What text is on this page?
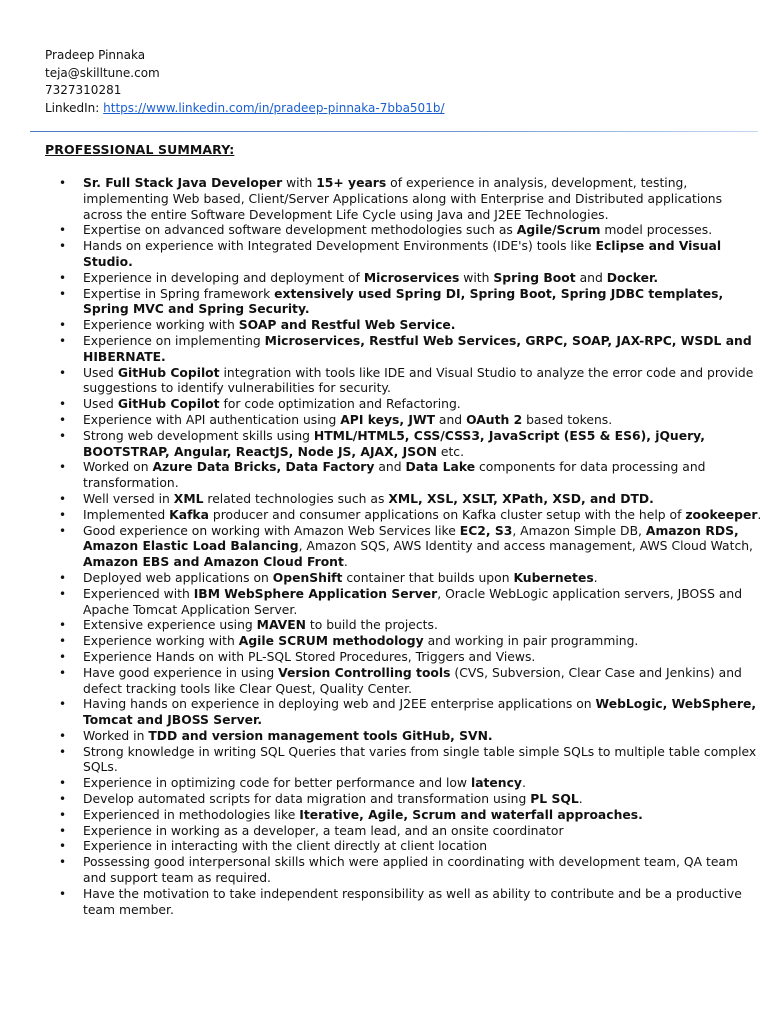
Pradeep Pinnaka
teja@skilltune.com
7327310281
LinkedIn: https://www.linkedin.com/in/pradeep-pinnaka-7bba501b/
PROFESSIONAL SUMMARY:
• Sr. Full Stack Java Developer with 15+ years of experience in analysis, development, testing, implementing Web based, Client/Server Applications along with Enterprise and Distributed applications across the entire Software Development Life Cycle using Java and J2EE Technologies.
• Expertise on advanced software development methodologies such as Agile/Scrum model processes.
• Hands on experience with Integrated Development Environments (IDE's) tools like Eclipse and Visual Studio.
• Experience in developing and deployment of Microservices with Spring Boot and Docker.
• Expertise in Spring framework extensively used Spring DI, Spring Boot, Spring JDBC templates, Spring MVC and Spring Security.
• Experience working with SOAP and Restful Web Service.
• Experience on implementing Microservices, Restful Web Services, GRPC, SOAP, JAX-RPC, WSDL and HIBERNATE.
• Used GitHub Copilot integration with tools like IDE and Visual Studio to analyze the error code and provide suggestions to identify vulnerabilities for security.
• Used GitHub Copilot for code optimization and Refactoring.
• Experience with API authentication using API keys, JWT and OAuth 2 based tokens.
• Strong web development skills using HTML/HTML5, CSS/CSS3, JavaScript (ES5 & ES6), jQuery, BOOTSTRAP, Angular, ReactJS, Node JS, AJAX, JSON etc.
• Worked on Azure Data Bricks, Data Factory and Data Lake components for data processing and transformation.
• Well versed in XML related technologies such as XML, XSL, XSLT, XPath, XSD, and DTD.
• Implemented Kafka producer and consumer applications on Kafka cluster setup with the help of zookeeper.
• Good experience on working with Amazon Web Services like EC2, S3, Amazon Simple DB, Amazon RDS, Amazon Elastic Load Balancing, Amazon SQS, AWS Identity and access management, AWS Cloud Watch, Amazon EBS and Amazon Cloud Front.
• Deployed web applications on OpenShift container that builds upon Kubernetes.
• Experienced with IBM WebSphere Application Server, Oracle WebLogic application servers, JBOSS and Apache Tomcat Application Server.
• Extensive experience using MAVEN to build the projects.
• Experience working with Agile SCRUM methodology and working in pair programming.
• Experience Hands on with PL-SQL Stored Procedures, Triggers and Views.
• Have good experience in using Version Controlling tools (CVS, Subversion, Clear Case and Jenkins) and defect tracking tools like Clear Quest, Quality Center.
• Having hands on experience in deploying web and J2EE enterprise applications on WebLogic, WebSphere, Tomcat and JBOSS Server.
• Worked in TDD and version management tools GitHub, SVN.
• Strong knowledge in writing SQL Queries that varies from single table simple SQLs to multiple table complex SQLs.
• Experience in optimizing code for better performance and low latency.
• Develop automated scripts for data migration and transformation using PL SQL.
• Experienced in methodologies like Iterative, Agile, Scrum and waterfall approaches.
• Experience in working as a developer, a team lead, and an onsite coordinator
• Experience in interacting with the client directly at client location
• Possessing good interpersonal skills which were applied in coordinating with development team, QA team and support team as required.
• Have the motivation to take independent responsibility as well as ability to contribute and be a productive team member.
